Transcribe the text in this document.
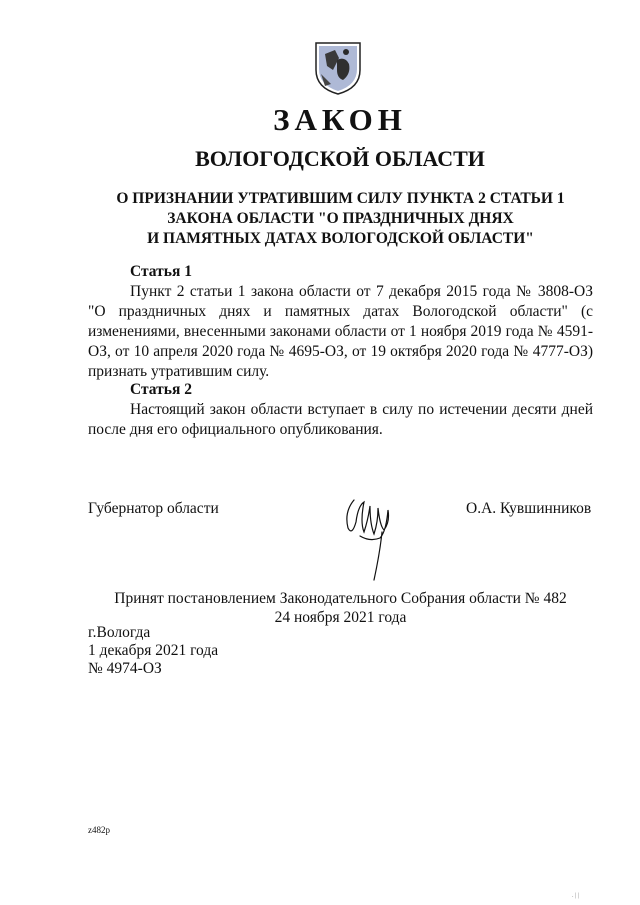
ЗАКОН
ВОЛОГОДСКОЙ ОБЛАСТИ
О ПРИЗНАНИИ УТРАТИВШИМ СИЛУ ПУНКТА 2 СТАТЬИ 1
ЗАКОНА ОБЛАСТИ "О ПРАЗДНИЧНЫХ ДНЯХ
И ПАМЯТНЫХ ДАТАХ ВОЛОГОДСКОЙ ОБЛАСТИ"

Статья 1

Пункт 2 статьи 1 закона области от 7 декабря 2015 года № 3808-ОЗ "О праздничных днях и памятных датах Вологодской области" (с изменениями, внесенными законами области от 1 ноября 2019 года № 4591-ОЗ, от 10 апреля 2020 года № 4695-ОЗ, от 19 октября 2020 года № 4777-ОЗ) признать утратившим силу.

Статья 2

Настоящий закон области вступает в силу по истечении десяти дней после дня его официального опубликования.

Губернатор области	О.А. Кувшинников
Принят постановлением Законодательного Собрания области № 482
24 ноября 2021 года
г.Вологда
1 декабря 2021 года
№ 4974-ОЗ
z482p
. | |
